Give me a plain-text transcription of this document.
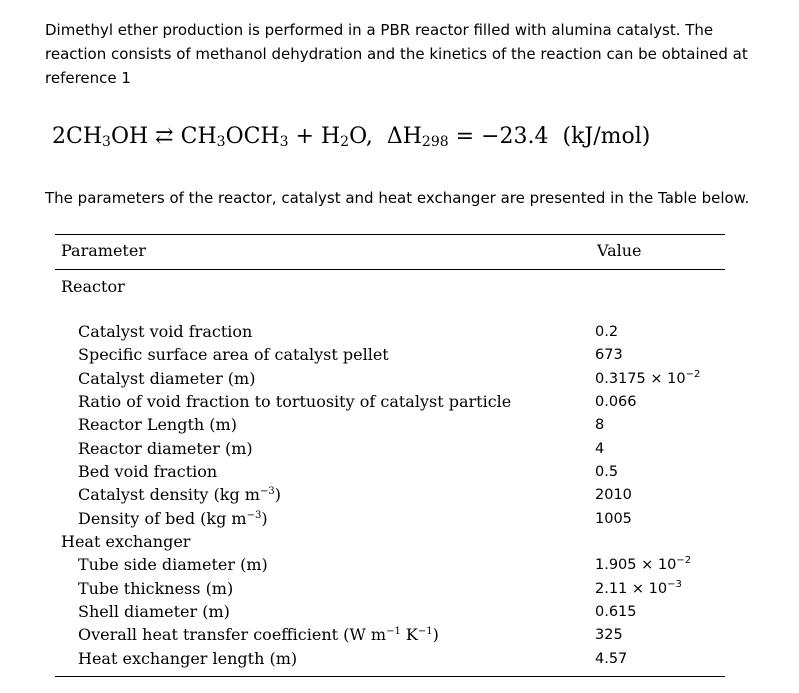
Dimethyl ether production is performed in a PBR reactor filled with alumina catalyst. The reaction consists of methanol dehydration and the kinetics of the reaction can be obtained at reference 1
$2CH_3OH$ ⇄ $CH_3OCH_3 + H_2O$, $\Delta H_{298} = -23.4$ (kJ/mol)
The parameters of the reactor, catalyst and heat exchanger are presented in the Table below.
Parameter	Value
Reactor
Catalyst void fraction	0.2
Specific surface area of catalyst pellet	673
Catalyst diameter (m)	$0.3175 \times 10^{-2}$
Ratio of void fraction to tortuosity of catalyst particle	0.066
Reactor Length (m)	8
Reactor diameter (m)	4
Bed void fraction	0.5
Catalyst density (kg $m^{-3}$)	2010
Density of bed (kg $m^{-3}$)	1005
Heat exchanger
Tube side diameter (m)	$1.905 \times 10^{-2}$
Tube thickness (m)	$2.11 \times 10^{-3}$
Shell diameter (m)	0.615
Overall heat transfer coefficient (W $m^{-1}$ $K^{-1}$)	325
Heat exchanger length (m)	4.57
